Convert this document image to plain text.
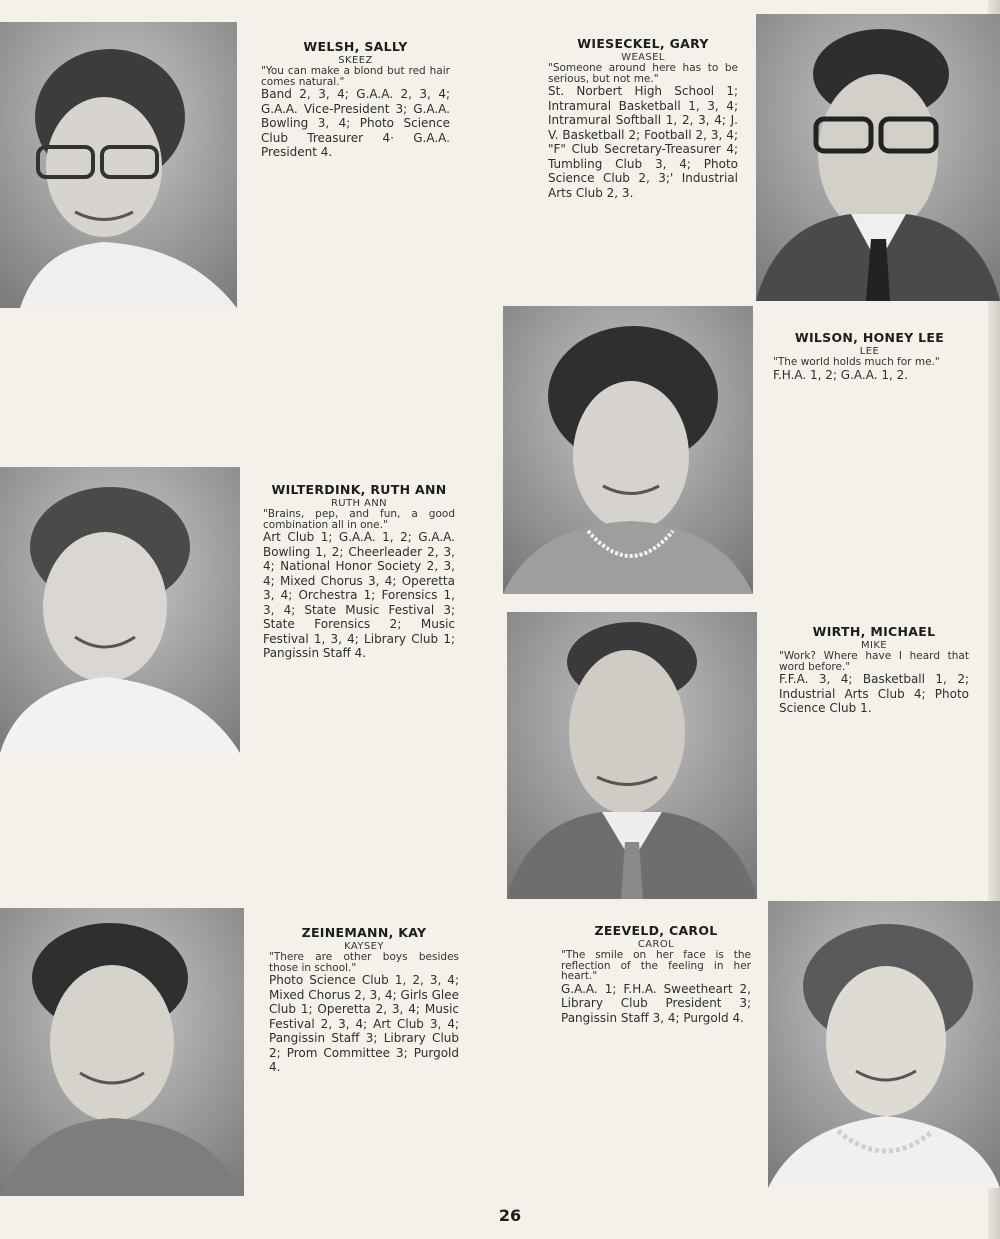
WELSH, SALLY

SKEEZ

"You can make a blond but red hair comes natural."

Band 2, 3, 4; G.A.A. 2, 3, 4; G.A.A. Vice-President 3; G.A.A. Bowling 3, 4; Photo Science Club Treasurer 4· G.A.A. President 4.

WIESECKEL, GARY

WEASEL

"Someone around here has to be serious, but not me."

St. Norbert High School 1; Intramural Basketball 1, 3, 4; Intramural Softball 1, 2, 3, 4; J. V. Basketball 2; Football 2, 3, 4; "F" Club Secretary-Treasurer 4; Tumbling Club 3, 4; Photo Science Club 2, 3;' Industrial Arts Club 2, 3.

WILSON, HONEY LEE

LEE

"The world holds much for me."

F.H.A. 1, 2; G.A.A. 1, 2.

WILTERDINK, RUTH ANN

RUTH ANN

"Brains, pep, and fun, a good combination all in one."

Art Club 1; G.A.A. 1, 2; G.A.A. Bowling 1, 2; Cheerleader 2, 3, 4; National Honor Society 2, 3, 4; Mixed Chorus 3, 4; Operetta 3, 4; Orchestra 1; Forensics 1, 3, 4; State Music Festival 3; State Forensics 2; Music Festival 1, 3, 4; Library Club 1; Pangissin Staff 4.

WIRTH, MICHAEL

MIKE

"Work? Where have I heard that word before."

F.F.A. 3, 4; Basketball 1, 2; Industrial Arts Club 4; Photo Science Club 1.

ZEINEMANN, KAY

KAYSEY

"There are other boys besides those in school."

Photo Science Club 1, 2, 3, 4; Mixed Chorus 2, 3, 4; Girls Glee Club 1; Operetta 2, 3, 4; Music Festival 2, 3, 4; Art Club 3, 4; Pangissin Staff 3; Library Club 2; Prom Committee 3; Purgold 4.

ZEEVELD, CAROL

CAROL

"The smile on her face is the reflection of the feeling in her heart."

G.A.A. 1; F.H.A. Sweetheart 2, Library Club President 3; Pangissin Staff 3, 4; Purgold 4.

26
